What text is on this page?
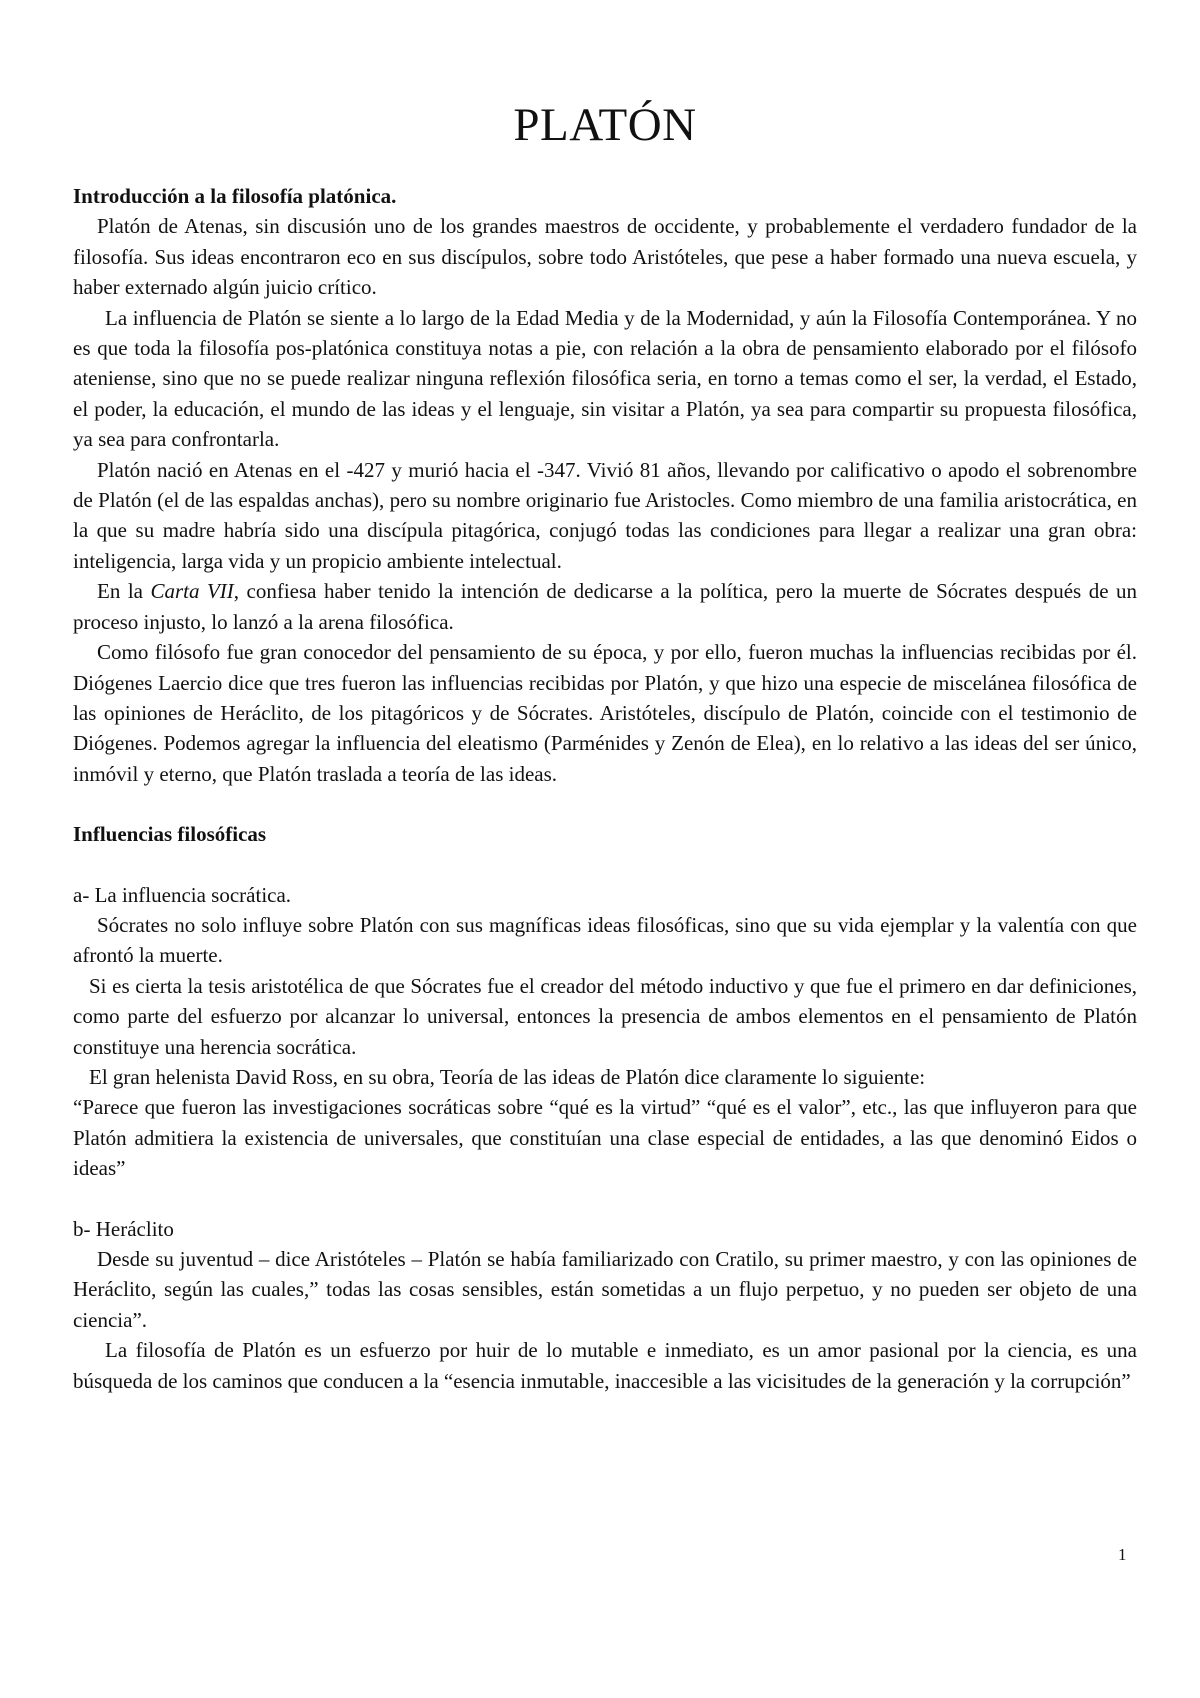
PLATÓN

Introducción a la filosofía platónica.

Platón de Atenas, sin discusión uno de los grandes maestros de occidente, y probablemente el verdadero fundador de la filosofía. Sus ideas encontraron eco en sus discípulos, sobre todo Aristóteles, que pese a haber formado una nueva escuela, y haber externado algún juicio crítico.

La influencia de Platón se siente a lo largo de la Edad Media y de la Modernidad, y aún la Filosofía Contemporánea. Y no es que toda la filosofía pos-platónica constituya notas a pie, con relación a la obra de pensamiento elaborado por el filósofo ateniense, sino que no se puede realizar ninguna reflexión filosófica seria, en torno a temas como el ser, la verdad, el Estado, el poder, la educación, el mundo de las ideas y el lenguaje, sin visitar a Platón, ya sea para compartir su propuesta filosófica, ya sea para confrontarla.

Platón nació en Atenas en el -427 y murió hacia el -347. Vivió 81 años, llevando por calificativo o apodo el sobrenombre de Platón (el de las espaldas anchas), pero su nombre originario fue Aristocles. Como miembro de una familia aristocrática, en la que su madre habría sido una discípula pitagórica, conjugó todas las condiciones para llegar a realizar una gran obra: inteligencia, larga vida y un propicio ambiente intelectual.

En la Carta VII, confiesa haber tenido la intención de dedicarse a la política, pero la muerte de Sócrates después de un proceso injusto, lo lanzó a la arena filosófica.

Como filósofo fue gran conocedor del pensamiento de su época, y por ello, fueron muchas la influencias recibidas por él. Diógenes Laercio dice que tres fueron las influencias recibidas por Platón, y que hizo una especie de miscelánea filosófica de las opiniones de Heráclito, de los pitagóricos y de Sócrates. Aristóteles, discípulo de Platón, coincide con el testimonio de Diógenes. Podemos agregar la influencia del eleatismo (Parménides y Zenón de Elea), en lo relativo a las ideas del ser único, inmóvil y eterno, que Platón traslada a teoría de las ideas.

Influencias filosóficas

a- La influencia socrática.

Sócrates no solo influye sobre Platón con sus magníficas ideas filosóficas, sino que su vida ejemplar y la valentía con que afrontó la muerte.

Si es cierta la tesis aristotélica de que Sócrates fue el creador del método inductivo y que fue el primero en dar definiciones, como parte del esfuerzo por alcanzar lo universal, entonces la presencia de ambos elementos en el pensamiento de Platón constituye una herencia socrática.

El gran helenista David Ross, en su obra, Teoría de las ideas de Platón dice claramente lo siguiente:

“Parece que fueron las investigaciones socráticas sobre “qué es la virtud” “qué es el valor”, etc., las que influyeron para que Platón admitiera la existencia de universales, que constituían una clase especial de entidades, a las que denominó Eidos o ideas”

b- Heráclito

Desde su juventud – dice Aristóteles – Platón se había familiarizado con Cratilo, su primer maestro, y con las opiniones de Heráclito, según las cuales,” todas las cosas sensibles, están sometidas a un flujo perpetuo, y no pueden ser objeto de una ciencia”.

La filosofía de Platón es un esfuerzo por huir de lo mutable e inmediato, es un amor pasional por la ciencia, es una búsqueda de los caminos que conducen a la “esencia inmutable, inaccesible a las vicisitudes de la generación y la corrupción”

1
